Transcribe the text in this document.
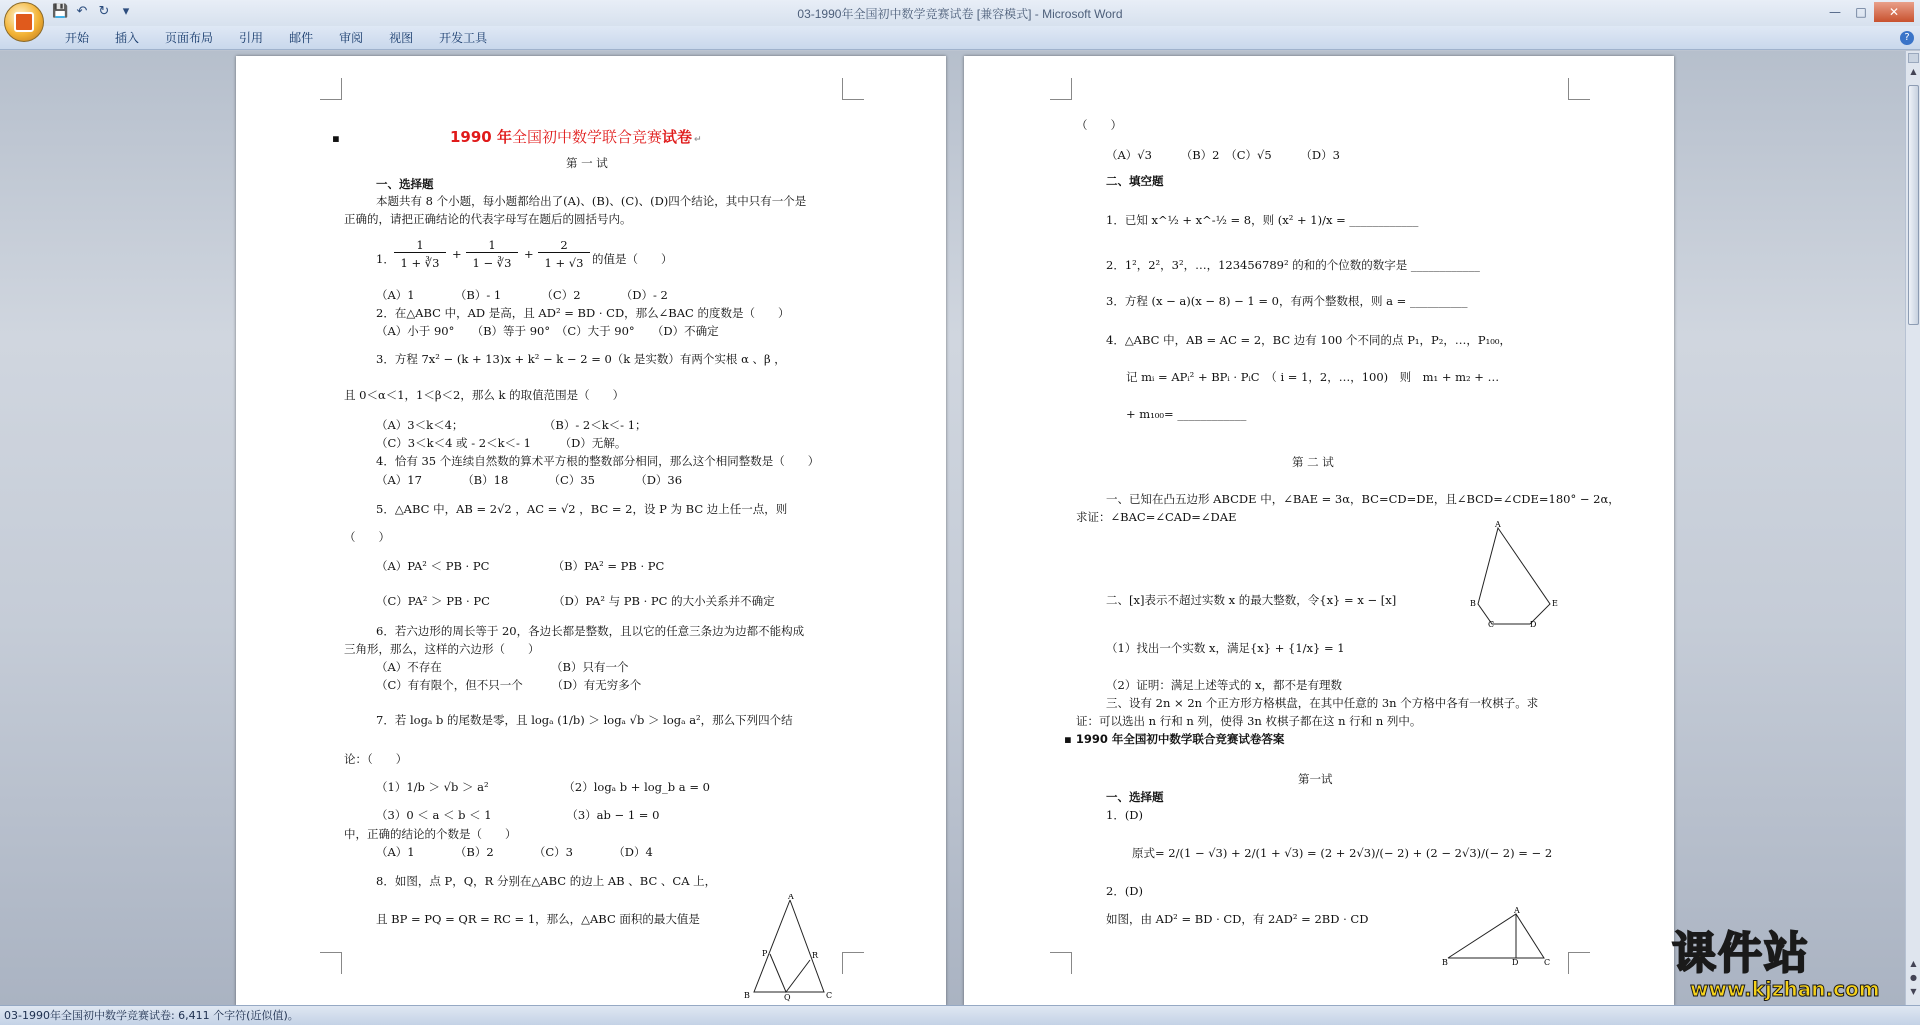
💾 ↶ ↻	▾	03-1990年全国初中数学竞赛试卷 [兼容模式] - Microsoft Word	—	□	✕
开始	插入	页面布局	引用	邮件	审阅	视图	开发工具	?
▪	1990 年全国初中数学联合竞赛试卷 ↵
第 一 试
一、选择题
本题共有 8 个小题，每小题都给出了(A)、(B)、(C)、(D)四个结论，其中只有一个是
正确的，请把正确结论的代表字母写在题后的圆括号内。
1．
1
1 + ∛3
+
1
1 − ∛3
+
2
1 + √3 的值是（　　）
（A）1　　　　（B）- 1　　　　（C）2　　　　（D）- 2
2．在△ABC 中，AD 是高，且 AD² = BD · CD，那么∠BAC 的度数是（　　）
（A）小于 90°　　（B）等于 90°　（C）大于 90°　　（D）不确定
3．方程 7x² − (k + 13)x + k² − k − 2 = 0（k 是实数）有两个实根 α 、β ，
且 0＜α＜1，1＜β＜2，那么 k 的取值范围是（　　）
（A）3＜k＜4；　　　　　　　　（B）- 2＜k＜- 1；
（C）3＜k＜4 或 - 2＜k＜- 1　　　（D）无解。
4．恰有 35 个连续自然数的算术平方根的整数部分相同，那么这个相同整数是（　　）
（A）17　　　　（B）18　　　　（C）35　　　　（D）36
5．△ABC 中，AB = 2√2 ，AC = √2 ，BC = 2，设 P 为 BC 边上任一点，则
（　　）
（A）PA² ＜ PB · PC　　　　　　（B）PA² = PB · PC
（C）PA² ＞ PB · PC　　　　　　（D）PA² 与 PB · PC 的大小关系并不确定
6．若六边形的周长等于 20，各边长都是整数，且以它的任意三条边为边都不能构成
三角形，那么，这样的六边形（　　）
（A）不存在　　　　　　　　　　（B）只有一个
（C）有有限个，但不只一个　　　（D）有无穷多个
7．若 logₐ b 的尾数是零，且 logₐ (1/b) ＞ logₐ √b ＞ logₐ a²，那么下列四个结
论：（　　）
（1）1/b ＞ √b ＞ a²　　　　　　　（2）logₐ b + log_b a = 0
（3）0 ＜ a ＜ b ＜ 1　　　　　　　（3）ab − 1 = 0
中，正确的结论的个数是（　　）
（A）1　　　　（B）2　　　　（C）3　　　　（D）4
8．如图，点 P，Q，R 分别在△ABC 的边上 AB 、BC 、CA 上，
且 BP = PQ = QR = RC = 1，那么，△ABC 面积的最大值是
A
P	R
B	Q	C
（　　）
（A）√3　　　（B）2　（C）√5　　　（D）3
二、填空题
1．已知 x^½ + x^-½ = 8，则 (x² + 1)/x = ____________
2．1²，2²，3²，…，123456789² 的和的个位数的数字是 ____________
3．方程 (x − a)(x − 8) − 1 = 0，有两个整数根，则 a = __________
4．△ABC 中，AB = AC = 2，BC 边有 100 个不同的点 P₁，P₂，…，P₁₀₀，
记 mᵢ = APᵢ² + BPᵢ · PᵢC　（ i = 1，2，…，100)　则　m₁ + m₂ + …
+ m₁₀₀= ____________
第 二 试
一、已知在凸五边形 ABCDE 中，∠BAE = 3α，BC=CD=DE，且∠BCD=∠CDE=180° − 2α，
求证：∠BAC=∠CAD=∠DAE
A
B	E
C	D
二、[x]表示不超过实数 x 的最大整数，令{x} = x − [x]
（1）找出一个实数 x，满足{x} + {1/x} = 1
（2）证明：满足上述等式的 x，都不是有理数
三、设有 2n × 2n 个正方形方格棋盘，在其中任意的 3n 个方格中各有一枚棋子。求
证：可以选出 n 行和 n 列，使得 3n 枚棋子都在这 n 行和 n 列中。
▪ 1990 年全国初中数学联合竞赛试卷答案
第一试
一、选择题
1．(D)
原式= 2/(1 − √3) + 2/(1 + √3) = (2 + 2√3)/(− 2) + (2 − 2√3)/(− 2) = − 2
2．(D)
如图，由 AD² = BD · CD，有 2AD² = 2BD · CD
A
B	D	C
▲
▲
●
▼
课件站
www.kjzhan.com
03-1990年全国初中数学竞赛试卷: 6,411 个字符(近似值)。
